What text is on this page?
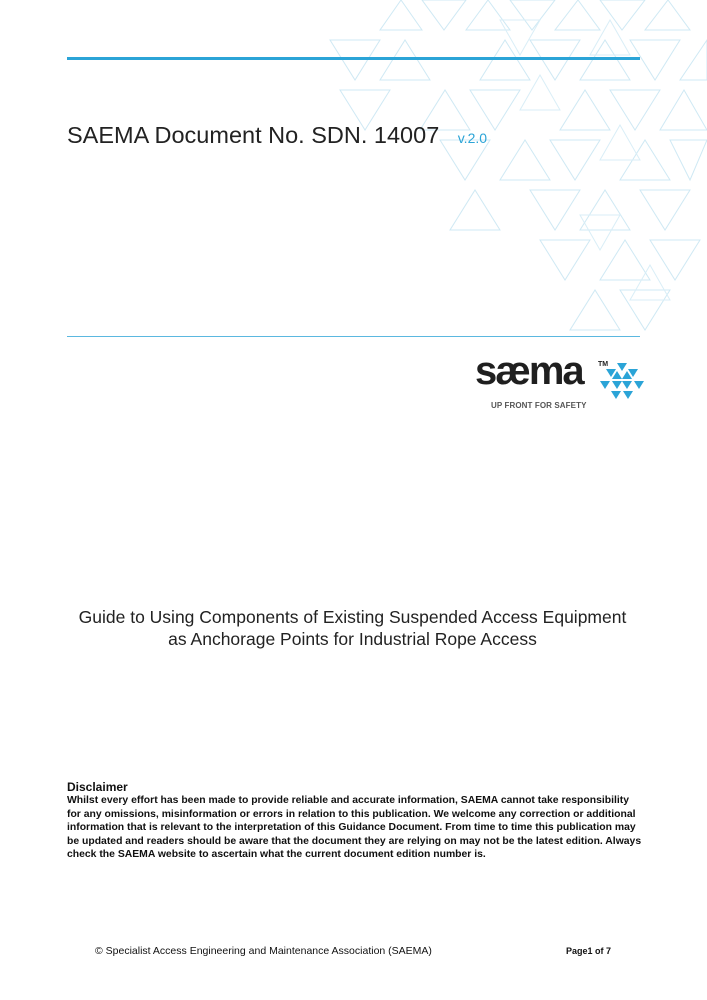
SAEMA Document No. SDN. 14007 v.2.0
sæma TM
UP FRONT FOR SAFETY
Guide to Using Components of Existing Suspended Access Equipment as Anchorage Points for Industrial Rope Access
Disclaimer
Whilst every effort has been made to provide reliable and accurate information, SAEMA cannot take responsibility for any omissions, misinformation or errors in relation to this publication. We welcome any correction or additional information that is relevant to the interpretation of this Guidance Document. From time to time this publication may be updated and readers should be aware that the document they are relying on may not be the latest edition. Always check the SAEMA website to ascertain what the current document edition number is.
© Specialist Access Engineering and Maintenance Association (SAEMA)	Page1 of 7
